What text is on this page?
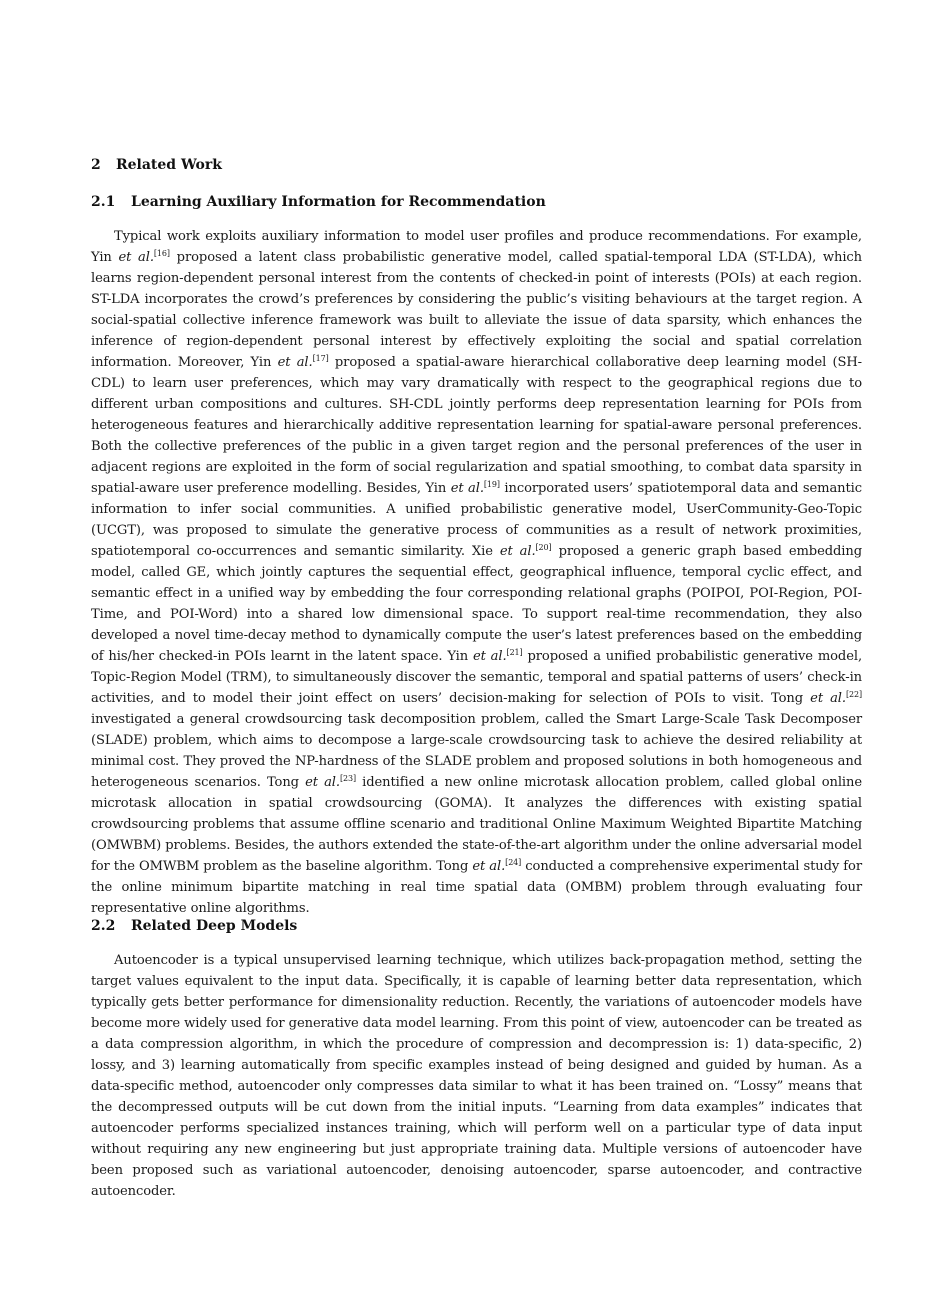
2 Related Work
2.1 Learning Auxiliary Information for Recommendation

Typical work exploits auxiliary information to model user profiles and produce recommendations. For example, Yin et al.[16] proposed a latent class probabilistic generative model, called spatial-temporal LDA (ST-LDA), which learns region-dependent personal interest from the contents of checked-in point of interests (POIs) at each region. ST-LDA incorporates the crowd’s preferences by considering the public’s visiting behaviours at the target region. A social-spatial collective inference framework was built to alleviate the issue of data sparsity, which enhances the inference of region-dependent personal interest by effectively exploiting the social and spatial correlation information. Moreover, Yin et al.[17] proposed a spatial-aware hierarchical collaborative deep learning model (SH-CDL) to learn user preferences, which may vary dramatically with respect to the geographical regions due to different urban compositions and cultures. SH-CDL jointly performs deep representation learning for POIs from heterogeneous features and hierarchically additive representation learning for spatial-aware personal preferences. Both the collective preferences of the public in a given target region and the personal preferences of the user in adjacent regions are exploited in the form of social regularization and spatial smoothing, to combat data sparsity in spatial-aware user preference modelling. Besides, Yin et al.[19] incorporated users’ spatiotemporal data and semantic information to infer social communities. A unified probabilistic generative model, UserCommunity-Geo-Topic (UCGT), was proposed to simulate the generative process of communities as a result of network proximities, spatiotemporal co-occurrences and semantic similarity. Xie et al.[20] proposed a generic graph based embedding model, called GE, which jointly captures the sequential effect, geographical influence, temporal cyclic effect, and semantic effect in a unified way by embedding the four corresponding relational graphs (POIPOI, POI-Region, POI-Time, and POI-Word) into a shared low dimensional space. To support real-time recommendation, they also developed a novel time-decay method to dynamically compute the user’s latest preferences based on the embedding of his/her checked-in POIs learnt in the latent space. Yin et al.[21] proposed a unified probabilistic generative model, Topic-Region Model (TRM), to simultaneously discover the semantic, temporal and spatial patterns of users’ check-in activities, and to model their joint effect on users’ decision-making for selection of POIs to visit. Tong et al.[22] investigated a general crowdsourcing task decomposition problem, called the Smart Large-Scale Task Decomposer (SLADE) problem, which aims to decompose a large-scale crowdsourcing task to achieve the desired reliability at minimal cost. They proved the NP-hardness of the SLADE problem and proposed solutions in both homogeneous and heterogeneous scenarios. Tong et al.[23] identified a new online microtask allocation problem, called global online microtask allocation in spatial crowdsourcing (GOMA). It analyzes the differences with existing spatial crowdsourcing problems that assume offline scenario and traditional Online Maximum Weighted Bipartite Matching (OMWBM) problems. Besides, the authors extended the state-of-the-art algorithm under the online adversarial model for the OMWBM problem as the baseline algorithm. Tong et al.[24] conducted a comprehensive experimental study for the online minimum bipartite matching in real time spatial data (OMBM) problem through evaluating four representative online algorithms.

2.2 Related Deep Models

Autoencoder is a typical unsupervised learning technique, which utilizes back-propagation method, setting the target values equivalent to the input data. Specifically, it is capable of learning better data representation, which typically gets better performance for dimensionality reduction. Recently, the variations of autoencoder models have become more widely used for generative data model learning. From this point of view, autoencoder can be treated as a data compression algorithm, in which the procedure of compression and decompression is: 1) data-specific, 2) lossy, and 3) learning automatically from specific examples instead of being designed and guided by human. As a data-specific method, autoencoder only compresses data similar to what it has been trained on. “Lossy” means that the decompressed outputs will be cut down from the initial inputs. “Learning from data examples” indicates that autoencoder performs specialized instances training, which will perform well on a particular type of data input without requiring any new engineering but just appropriate training data. Multiple versions of autoencoder have been proposed such as variational autoencoder, denoising autoencoder, sparse autoencoder, and contractive autoencoder.
